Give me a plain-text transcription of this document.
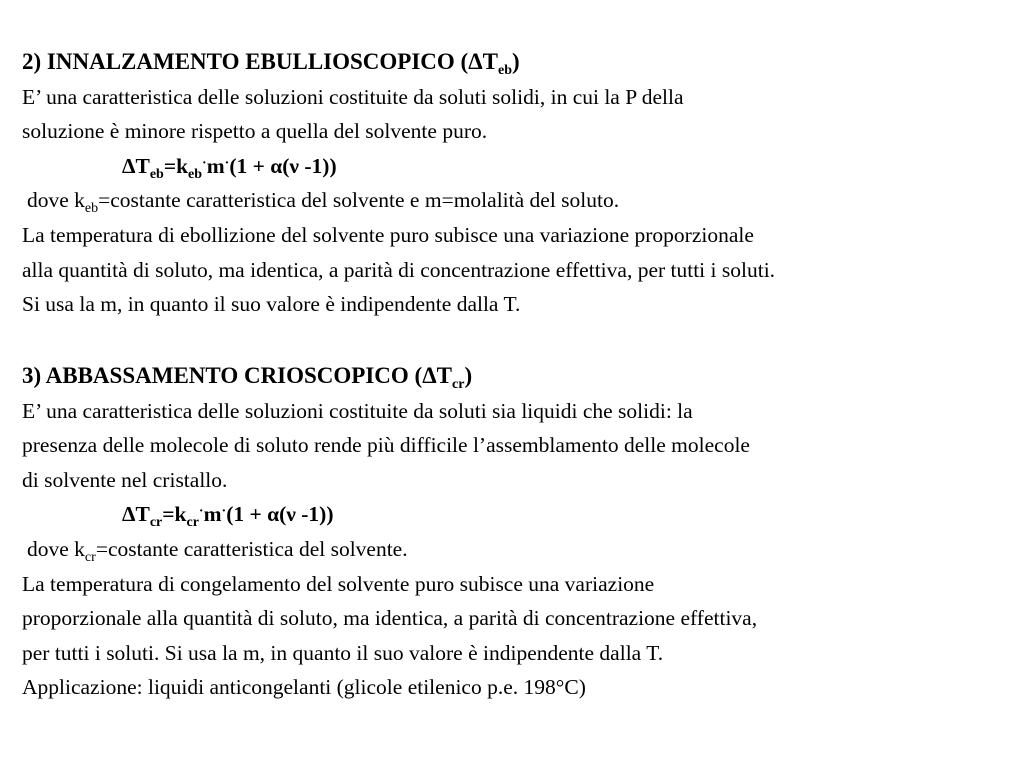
2) INNALZAMENTO EBULLIOSCOPICO $(\Delta T_{eb})$
E’ una caratteristica delle soluzioni costituite da soluti solidi, in cui la P della
soluzione è minore rispetto a quella del solvente puro.
$\Delta T_{eb}=k_{eb}^\cdot m^\cdot(1 + \alpha(\nu$ -1))
dove $k_{eb}=costante$ caratteristica del solvente e m=molalità del soluto.
La temperatura di ebollizione del solvente puro subisce una variazione proporzionale
alla quantità di soluto, ma identica, a parità di concentrazione effettiva, per tutti i soluti.
Si usa la m, in quanto il suo valore è indipendente dalla T.
3) ABBASSAMENTO CRIOSCOPICO $(\Delta T_{cr})$
E’ una caratteristica delle soluzioni costituite da soluti sia liquidi che solidi: la
presenza delle molecole di soluto rende più difficile l’assemblamento delle molecole
di solvente nel cristallo.
$\Delta T_{cr}=k_{cr}^\cdot m^\cdot(1 + \alpha(\nu$ -1))
dove $k_{cr}=costante$ caratteristica del solvente.
La temperatura di congelamento del solvente puro subisce una variazione
proporzionale alla quantità di soluto, ma identica, a parità di concentrazione effettiva,
per tutti i soluti. Si usa la m, in quanto il suo valore è indipendente dalla T.
Applicazione: liquidi anticongelanti (glicole etilenico p.e. 198°C)
